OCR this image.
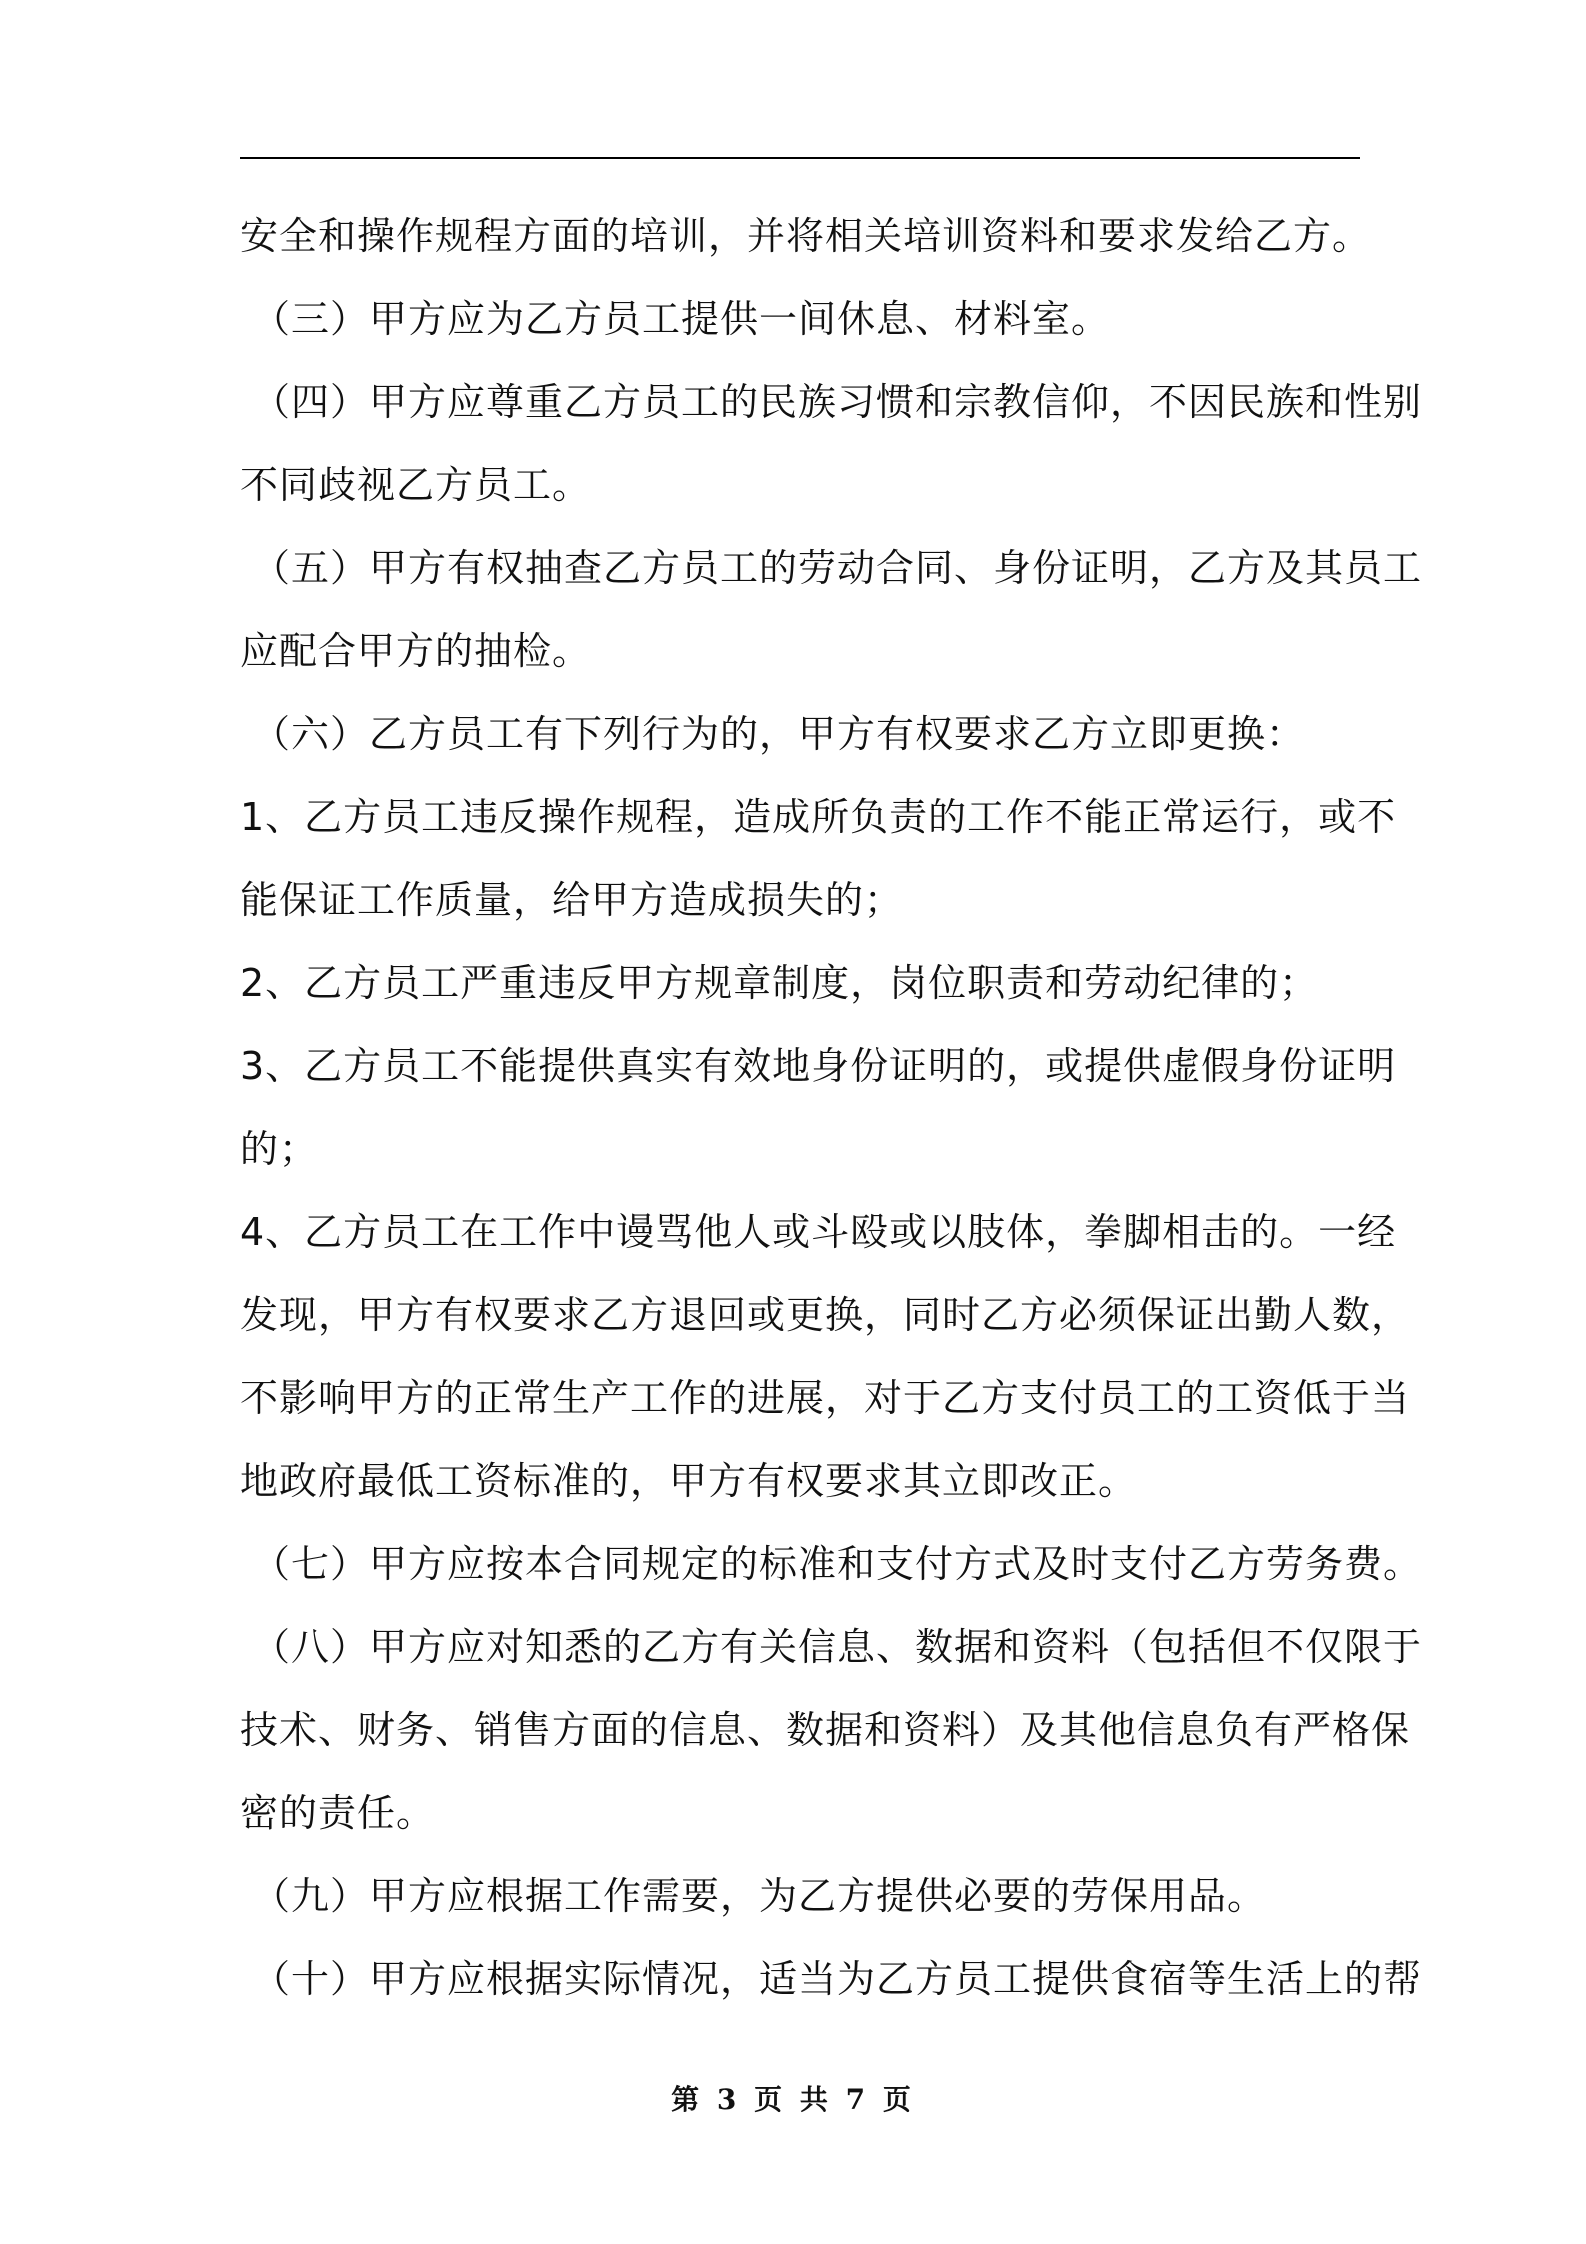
安全和操作规程方面的培训，并将相关培训资料和要求发给乙方。
（三）甲方应为乙方员工提供一间休息、材料室。
（四）甲方应尊重乙方员工的民族习惯和宗教信仰，不因民族和性别
不同歧视乙方员工。
（五）甲方有权抽查乙方员工的劳动合同、身份证明，乙方及其员工
应配合甲方的抽检。
（六）乙方员工有下列行为的，甲方有权要求乙方立即更换：
1、乙方员工违反操作规程，造成所负责的工作不能正常运行，或不
能保证工作质量，给甲方造成损失的；
2、乙方员工严重违反甲方规章制度，岗位职责和劳动纪律的；
3、乙方员工不能提供真实有效地身份证明的，或提供虚假身份证明
的；
4、乙方员工在工作中谩骂他人或斗殴或以肢体，拳脚相击的。一经
发现，甲方有权要求乙方退回或更换，同时乙方必须保证出勤人数，
不影响甲方的正常生产工作的进展，对于乙方支付员工的工资低于当
地政府最低工资标准的，甲方有权要求其立即改正。
（七）甲方应按本合同规定的标准和支付方式及时支付乙方劳务费。
（八）甲方应对知悉的乙方有关信息、数据和资料（包括但不仅限于
技术、财务、销售方面的信息、数据和资料）及其他信息负有严格保
密的责任。
（九）甲方应根据工作需要，为乙方提供必要的劳保用品。
（十）甲方应根据实际情况，适当为乙方员工提供食宿等生活上的帮
第 3 页 共 7 页
